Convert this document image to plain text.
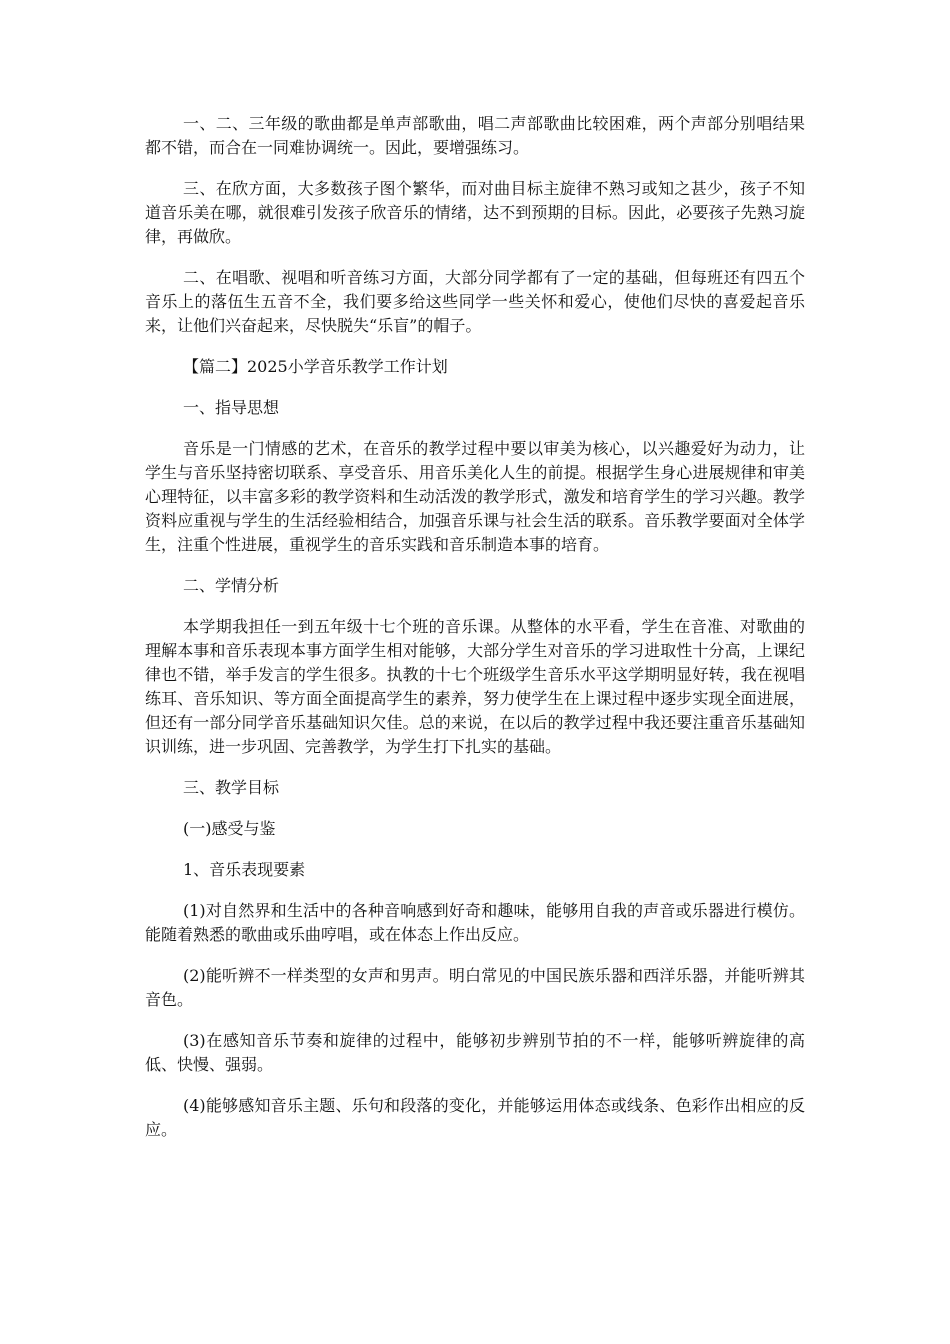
一、二、三年级的歌曲都是单声部歌曲，唱二声部歌曲比较困难，两个声部分别唱结果都不错，而合在一同难协调统一。因此，要增强练习。

三、在欣方面，大多数孩子图个繁华，而对曲目标主旋律不熟习或知之甚少，孩子不知道音乐美在哪，就很难引发孩子欣音乐的情绪，达不到预期的目标。因此，必要孩子先熟习旋律，再做欣。

二、在唱歌、视唱和听音练习方面，大部分同学都有了一定的基础，但每班还有四五个音乐上的落伍生五音不全，我们要多给这些同学一些关怀和爱心，使他们尽快的喜爱起音乐来，让他们兴奋起来，尽快脱失“乐盲”的帽子。

【篇二】2025小学音乐教学工作计划

一、指导思想

音乐是一门情感的艺术，在音乐的教学过程中要以审美为核心，以兴趣爱好为动力，让学生与音乐坚持密切联系、享受音乐、用音乐美化人生的前提。根据学生身心进展规律和审美心理特征，以丰富多彩的教学资料和生动活泼的教学形式，激发和培育学生的学习兴趣。教学资料应重视与学生的生活经验相结合，加强音乐课与社会生活的联系。音乐教学要面对全体学生，注重个性进展，重视学生的音乐实践和音乐制造本事的培育。

二、学情分析

本学期我担任一到五年级十七个班的音乐课。从整体的水平看，学生在音准、对歌曲的理解本事和音乐表现本事方面学生相对能够，大部分学生对音乐的学习进取性十分高，上课纪律也不错，举手发言的学生很多。执教的十七个班级学生音乐水平这学期明显好转，我在视唱练耳、音乐知识、等方面全面提高学生的素养，努力使学生在上课过程中逐步实现全面进展，但还有一部分同学音乐基础知识欠佳。总的来说，在以后的教学过程中我还要注重音乐基础知识训练，进一步巩固、完善教学，为学生打下扎实的基础。

三、教学目标

(一)感受与鉴

1、音乐表现要素

(1)对自然界和生活中的各种音响感到好奇和趣味，能够用自我的声音或乐器进行模仿。能随着熟悉的歌曲或乐曲哼唱，或在体态上作出反应。

(2)能听辨不一样类型的女声和男声。明白常见的中国民族乐器和西洋乐器，并能听辨其音色。

(3)在感知音乐节奏和旋律的过程中，能够初步辨别节拍的不一样，能够听辨旋律的高低、快慢、强弱。

(4)能够感知音乐主题、乐句和段落的变化，并能够运用体态或线条、色彩作出相应的反应。
